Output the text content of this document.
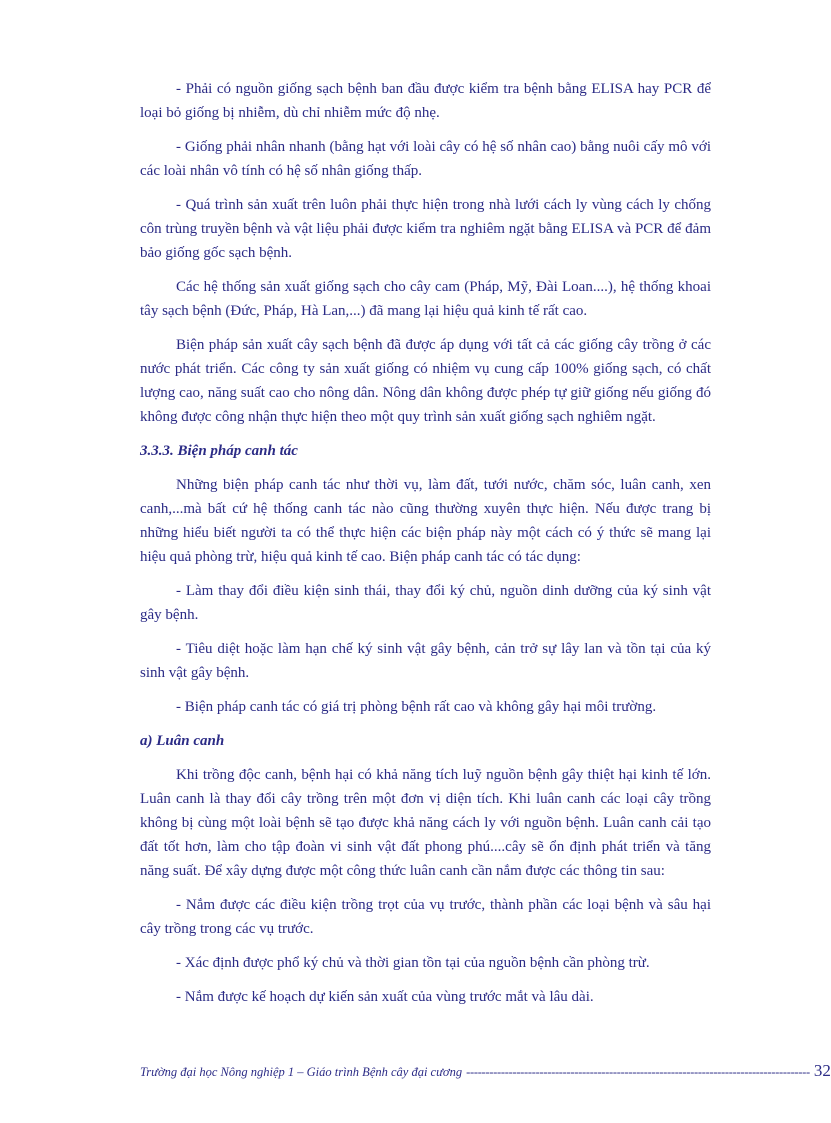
- Phải có nguồn giống sạch bệnh ban đầu được kiểm tra bệnh bằng ELISA hay PCR để loại bỏ giống bị nhiễm, dù chỉ nhiễm mức độ nhẹ.

- Giống phải nhân nhanh (bằng hạt với loài cây có hệ số nhân cao) bằng nuôi cấy mô với các loài nhân vô tính có hệ số nhân giống thấp.

- Quá trình sản xuất trên luôn phải thực hiện trong nhà lưới cách ly vùng cách ly chống côn trùng truyền bệnh và vật liệu phải được kiểm tra nghiêm ngặt bằng ELISA và PCR để đảm bảo giống gốc sạch bệnh.

Các hệ thống sản xuất giống sạch cho cây cam (Pháp, Mỹ, Đài Loan....), hệ thống khoai tây sạch bệnh (Đức, Pháp, Hà Lan,...) đã mang lại hiệu quả kinh tế rất cao.

Biện pháp sản xuất cây sạch bệnh đã được áp dụng với tất cả các giống cây trồng ở các nước phát triển. Các công ty sản xuất giống có nhiệm vụ cung cấp 100% giống sạch, có chất lượng cao, năng suất cao cho nông dân. Nông dân không được phép tự giữ giống nếu giống đó không được công nhận thực hiện theo một quy trình sản xuất giống sạch nghiêm ngặt.

3.3.3. Biện pháp canh tác

Những biện pháp canh tác như thời vụ, làm đất, tưới nước, chăm sóc, luân canh, xen canh,...mà bất cứ hệ thống canh tác nào cũng thường xuyên thực hiện. Nếu được trang bị những hiểu biết người ta có thể thực hiện các biện pháp này một cách có ý thức sẽ mang lại hiệu quả phòng trừ, hiệu quả kinh tế cao. Biện pháp canh tác có tác dụng:

- Làm thay đổi điều kiện sinh thái, thay đổi ký chủ, nguồn dinh dưỡng của ký sinh vật gây bệnh.

- Tiêu diệt hoặc làm hạn chế ký sinh vật gây bệnh, cản trở sự lây lan và tồn tại của ký sinh vật gây bệnh.

- Biện pháp canh tác có giá trị phòng bệnh rất cao và không gây hại môi trường.

a) Luân canh

Khi trồng độc canh, bệnh hại có khả năng tích luỹ nguồn bệnh gây thiệt hại kinh tế lớn. Luân canh là thay đổi cây trồng trên một đơn vị diện tích. Khi luân canh các loại cây trồng không bị cùng một loài bệnh sẽ tạo được khả năng cách ly với nguồn bệnh. Luân canh cải tạo đất tốt hơn, làm cho tập đoàn vi sinh vật đất phong phú....cây sẽ ổn định phát triển và tăng năng suất. Để xây dựng được một công thức luân canh cần nắm được các thông tin sau:

- Nắm được các điều kiện trồng trọt của vụ trước, thành phần các loại bệnh và sâu hại cây trồng trong các vụ trước.

- Xác định được phổ ký chủ và thời gian tồn tại của nguồn bệnh cần phòng trừ.

- Nắm được kế hoạch dự kiến sản xuất của vùng trước mắt và lâu dài.

Trường đại học Nông nghiệp 1 – Giáo trình Bệnh cây đại cương ----------------------------------------------------------------------------------------- 32
